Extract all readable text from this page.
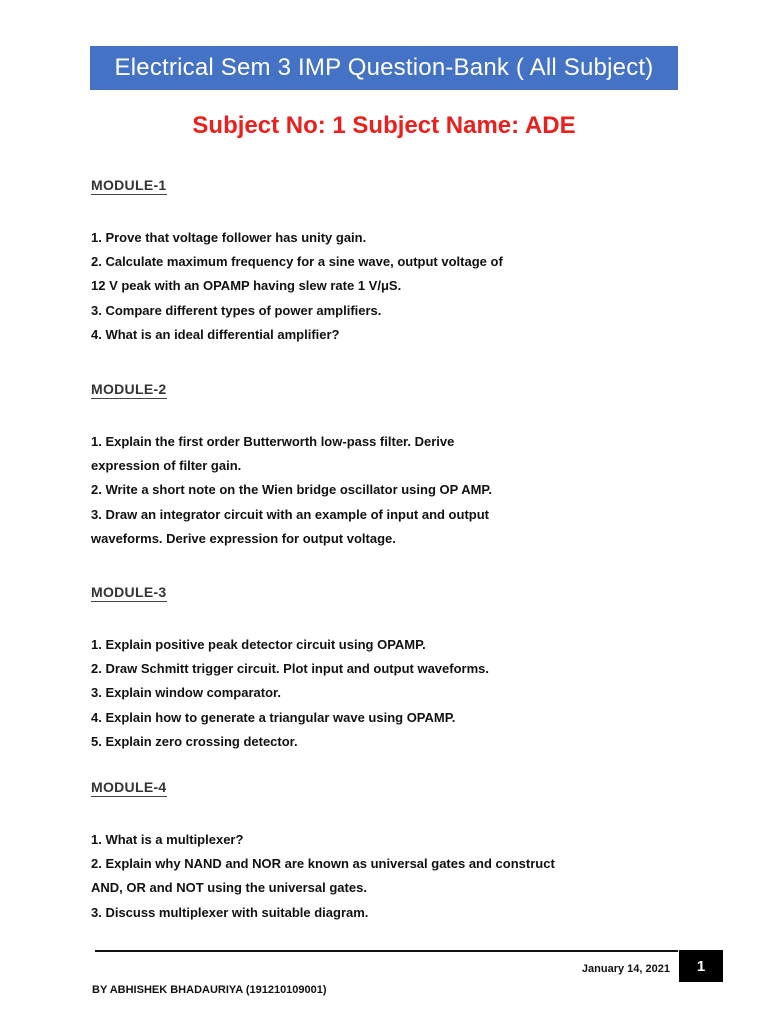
Electrical Sem 3 IMP Question-Bank ( All Subject)
Subject No: 1 Subject Name: ADE
MODULE-1
1. Prove that voltage follower has unity gain.
2. Calculate maximum frequency for a sine wave, output voltage of
12 V peak with an OPAMP having slew rate 1 V/μS.
3. Compare different types of power amplifiers.
4. What is an ideal differential amplifier?
MODULE-2
1. Explain the first order Butterworth low-pass filter. Derive
expression of filter gain.
2. Write a short note on the Wien bridge oscillator using OP AMP.
3. Draw an integrator circuit with an example of input and output
waveforms. Derive expression for output voltage.
MODULE-3
1. Explain positive peak detector circuit using OPAMP.
2. Draw Schmitt trigger circuit. Plot input and output waveforms.
3. Explain window comparator.
4. Explain how to generate a triangular wave using OPAMP.
5. Explain zero crossing detector.
MODULE-4
1. What is a multiplexer?
2. Explain why NAND and NOR are known as universal gates and construct
AND, OR and NOT using the universal gates.
3. Discuss multiplexer with suitable diagram.
January 14, 2021 1
BY ABHISHEK BHADAURIYA (191210109001)
